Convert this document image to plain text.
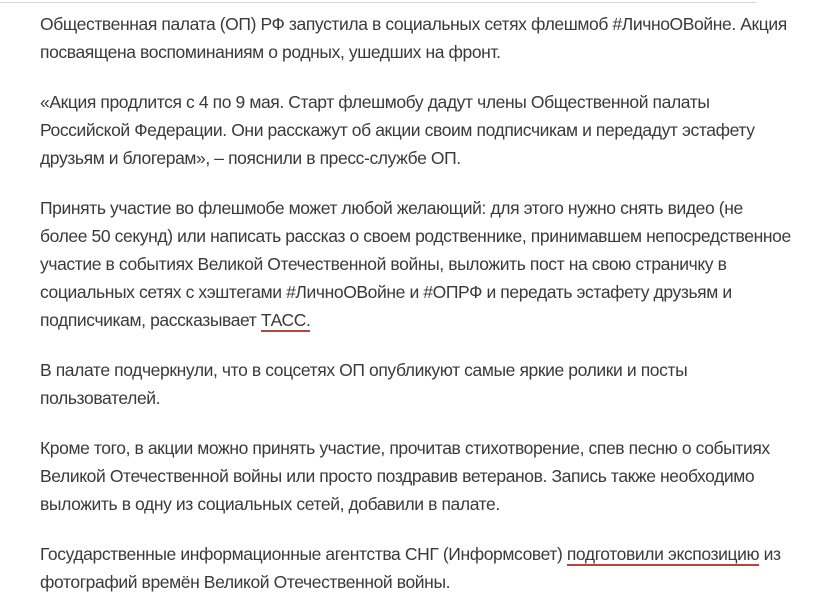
Общественная палата (ОП) РФ запустила в социальных сетях флешмоб #ЛичноОВойне. Акция посваящена воспоминаниям о родных, ушедших на фронт.

«Акция продлится с 4 по 9 мая. Старт флешмобу дадут члены Общественной палаты Российской Федерации. Они расскажут об акции своим подписчикам и передадут эстафету друзьям и блогерам», – пояснили в пресс-службе ОП.

Принять участие во флешмобе может любой желающий: для этого нужно снять видео (не более 50 секунд) или написать рассказ о своем родственнике, принимавшем непосредственное участие в событиях Великой Отечественной войны, выложить пост на свою страничку в социальных сетях с хэштегами #ЛичноОВойне и #ОПРФ и передать эстафету друзьям и подписчикам, рассказывает ТАСС.

В палате подчеркнули, что в соцсетях ОП опубликуют самые яркие ролики и посты пользователей.

Кроме того, в акции можно принять участие, прочитав стихотворение, спев песню о событиях Великой Отечественной войны или просто поздравив ветеранов. Запись также необходимо выложить в одну из социальных сетей, добавили в палате.

Государственные информационные агентства СНГ (Информсовет) подготовили экспозицию из фотографий времён Великой Отечественной войны.
